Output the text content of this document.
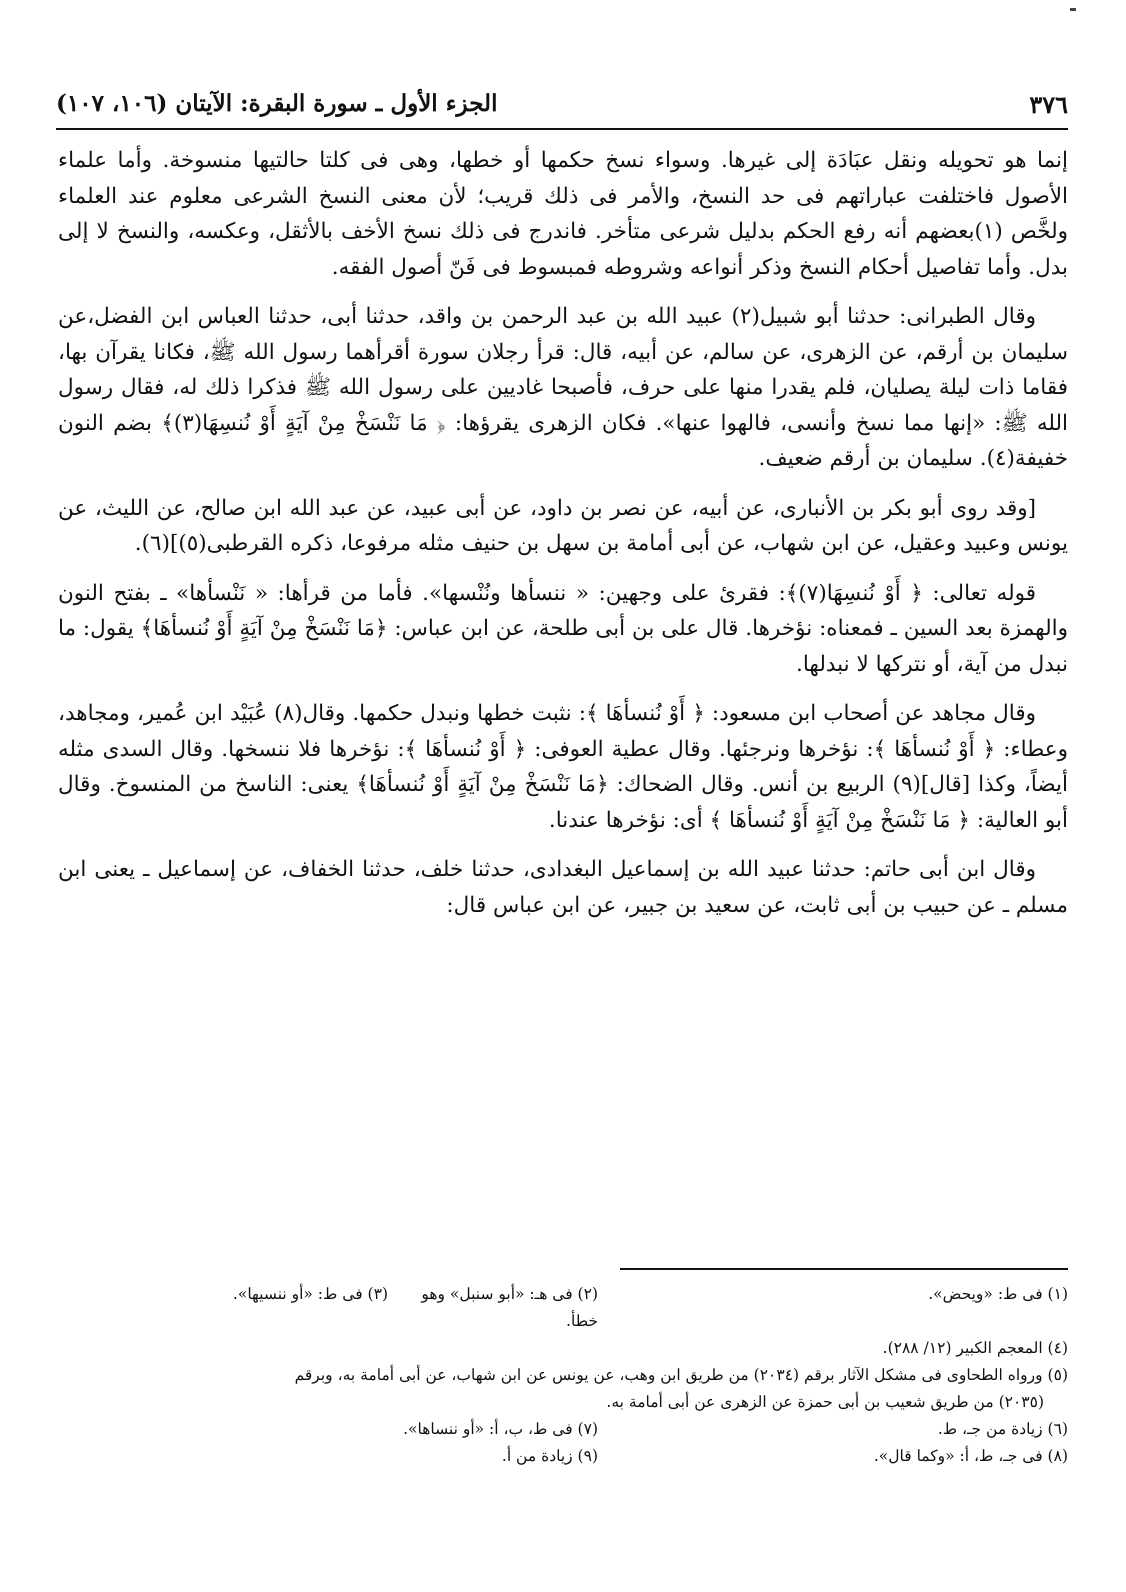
٣٧٦
الجزء الأول ـ سورة البقرة: الآيتان (١٠٦، ١٠٧)

إنما هو تحويله ونقل عبَادَة إلى غيرها. وسواء نسخ حكمها أو خطها، وهى فى كلتا حالتيها منسوخة. وأما علماء الأصول فاختلفت عباراتهم فى حد النسخ، والأمر فى ذلك قريب؛ لأن معنى النسخ الشرعى معلوم عند العلماء ولخَّص (١)بعضهم أنه رفع الحكم بدليل شرعى متأخر. فاندرج فى ذلك نسخ الأخف بالأثقل، وعكسه، والنسخ لا إلى بدل. وأما تفاصيل أحكام النسخ وذكر أنواعه وشروطه فمبسوط فى فَنّ أصول الفقه.

وقال الطبرانى: حدثنا أبو شبيل(٢) عبيد الله بن عبد الرحمن بن واقد، حدثنا أبى، حدثنا العباس ابن الفضل،عن سليمان بن أرقم، عن الزهرى، عن سالم، عن أبيه، قال: قرأ رجلان سورة أقرأهما رسول الله ﷺ، فكانا يقرآن بها، فقاما ذات ليلة يصليان، فلم يقدرا منها على حرف، فأصبحا غاديين على رسول الله ﷺ فذكرا ذلك له، فقال رسول الله ﷺ: «إنها مما نسخ وأنسى، فالهوا عنها». فكان الزهرى يقرؤها: ﴿ مَا نَنْسَخْ مِنْ آيَةٍ أَوْ نُنسِهَا(٣)﴾ بضم النون خفيفة(٤). سليمان بن أرقم ضعيف.

[وقد روى أبو بكر بن الأنبارى، عن أبيه، عن نصر بن داود، عن أبى عبيد، عن عبد الله ابن صالح، عن الليث، عن يونس وعبيد وعقيل، عن ابن شهاب، عن أبى أمامة بن سهل بن حنيف مثله مرفوعا، ذكره القرطبى(٥)](٦).

قوله تعالى: ﴿ أَوْ نُنسِهَا(٧)﴾: فقرئ على وجهين: « ننسأها ونُنْسها». فأما من قرأها: « نَنْسأها» ـ بفتح النون والهمزة بعد السين ـ فمعناه: نؤخرها. قال على بن أبى طلحة، عن ابن عباس: ﴿مَا نَنْسَخْ مِنْ آيَةٍ أَوْ نُنسأهَا﴾ يقول: ما نبدل من آية، أو نتركها لا نبدلها.

وقال مجاهد عن أصحاب ابن مسعود: ﴿ أَوْ نُنسأهَا ﴾: نثبت خطها ونبدل حكمها. وقال(٨) عُبَيْد ابن عُمير، ومجاهد، وعطاء: ﴿ أَوْ نُنسأهَا ﴾: نؤخرها ونرجئها. وقال عطية العوفى: ﴿ أَوْ نُنسأهَا ﴾: نؤخرها فلا ننسخها. وقال السدى مثله أيضاً، وكذا [قال](٩) الربيع بن أنس. وقال الضحاك: ﴿مَا نَنْسَخْ مِنْ آيَةٍ أَوْ نُنسأهَا﴾ يعنى: الناسخ من المنسوخ. وقال أبو العالية: ﴿ مَا نَنْسَخْ مِنْ آيَةٍ أَوْ نُنسأهَا ﴾ أى: نؤخرها عندنا.

وقال ابن أبى حاتم: حدثنا عبيد الله بن إسماعيل البغدادى، حدثنا خلف، حدثنا الخفاف، عن إسماعيل ـ يعنى ابن مسلم ـ عن حبيب بن أبى ثابت، عن سعيد بن جبير، عن ابن عباس قال:

(١) فى ط: «ويحض».
(٢) فى هـ: «أبو سنبل» وهو خطأ.
(٣) فى ط: «أو ننسيها».
(٤) المعجم الكبير (١٢/ ٢٨٨).
(٥) ورواه الطحاوى فى مشكل الآثار برقم (٢٠٣٤) من طريق ابن وهب، عن يونس عن ابن شهاب، عن أبى أمامة به، وبرقم
(٢٠٣٥) من طريق شعيب بن أبى حمزة عن الزهرى عن أبى أمامة به.
(٦) زيادة من جـ، ط.
(٧) فى ط، ب، أ: «أو ننساها».
(٨) فى جـ، ط، أ: «وكما قال».
(٩) زيادة من أ.
